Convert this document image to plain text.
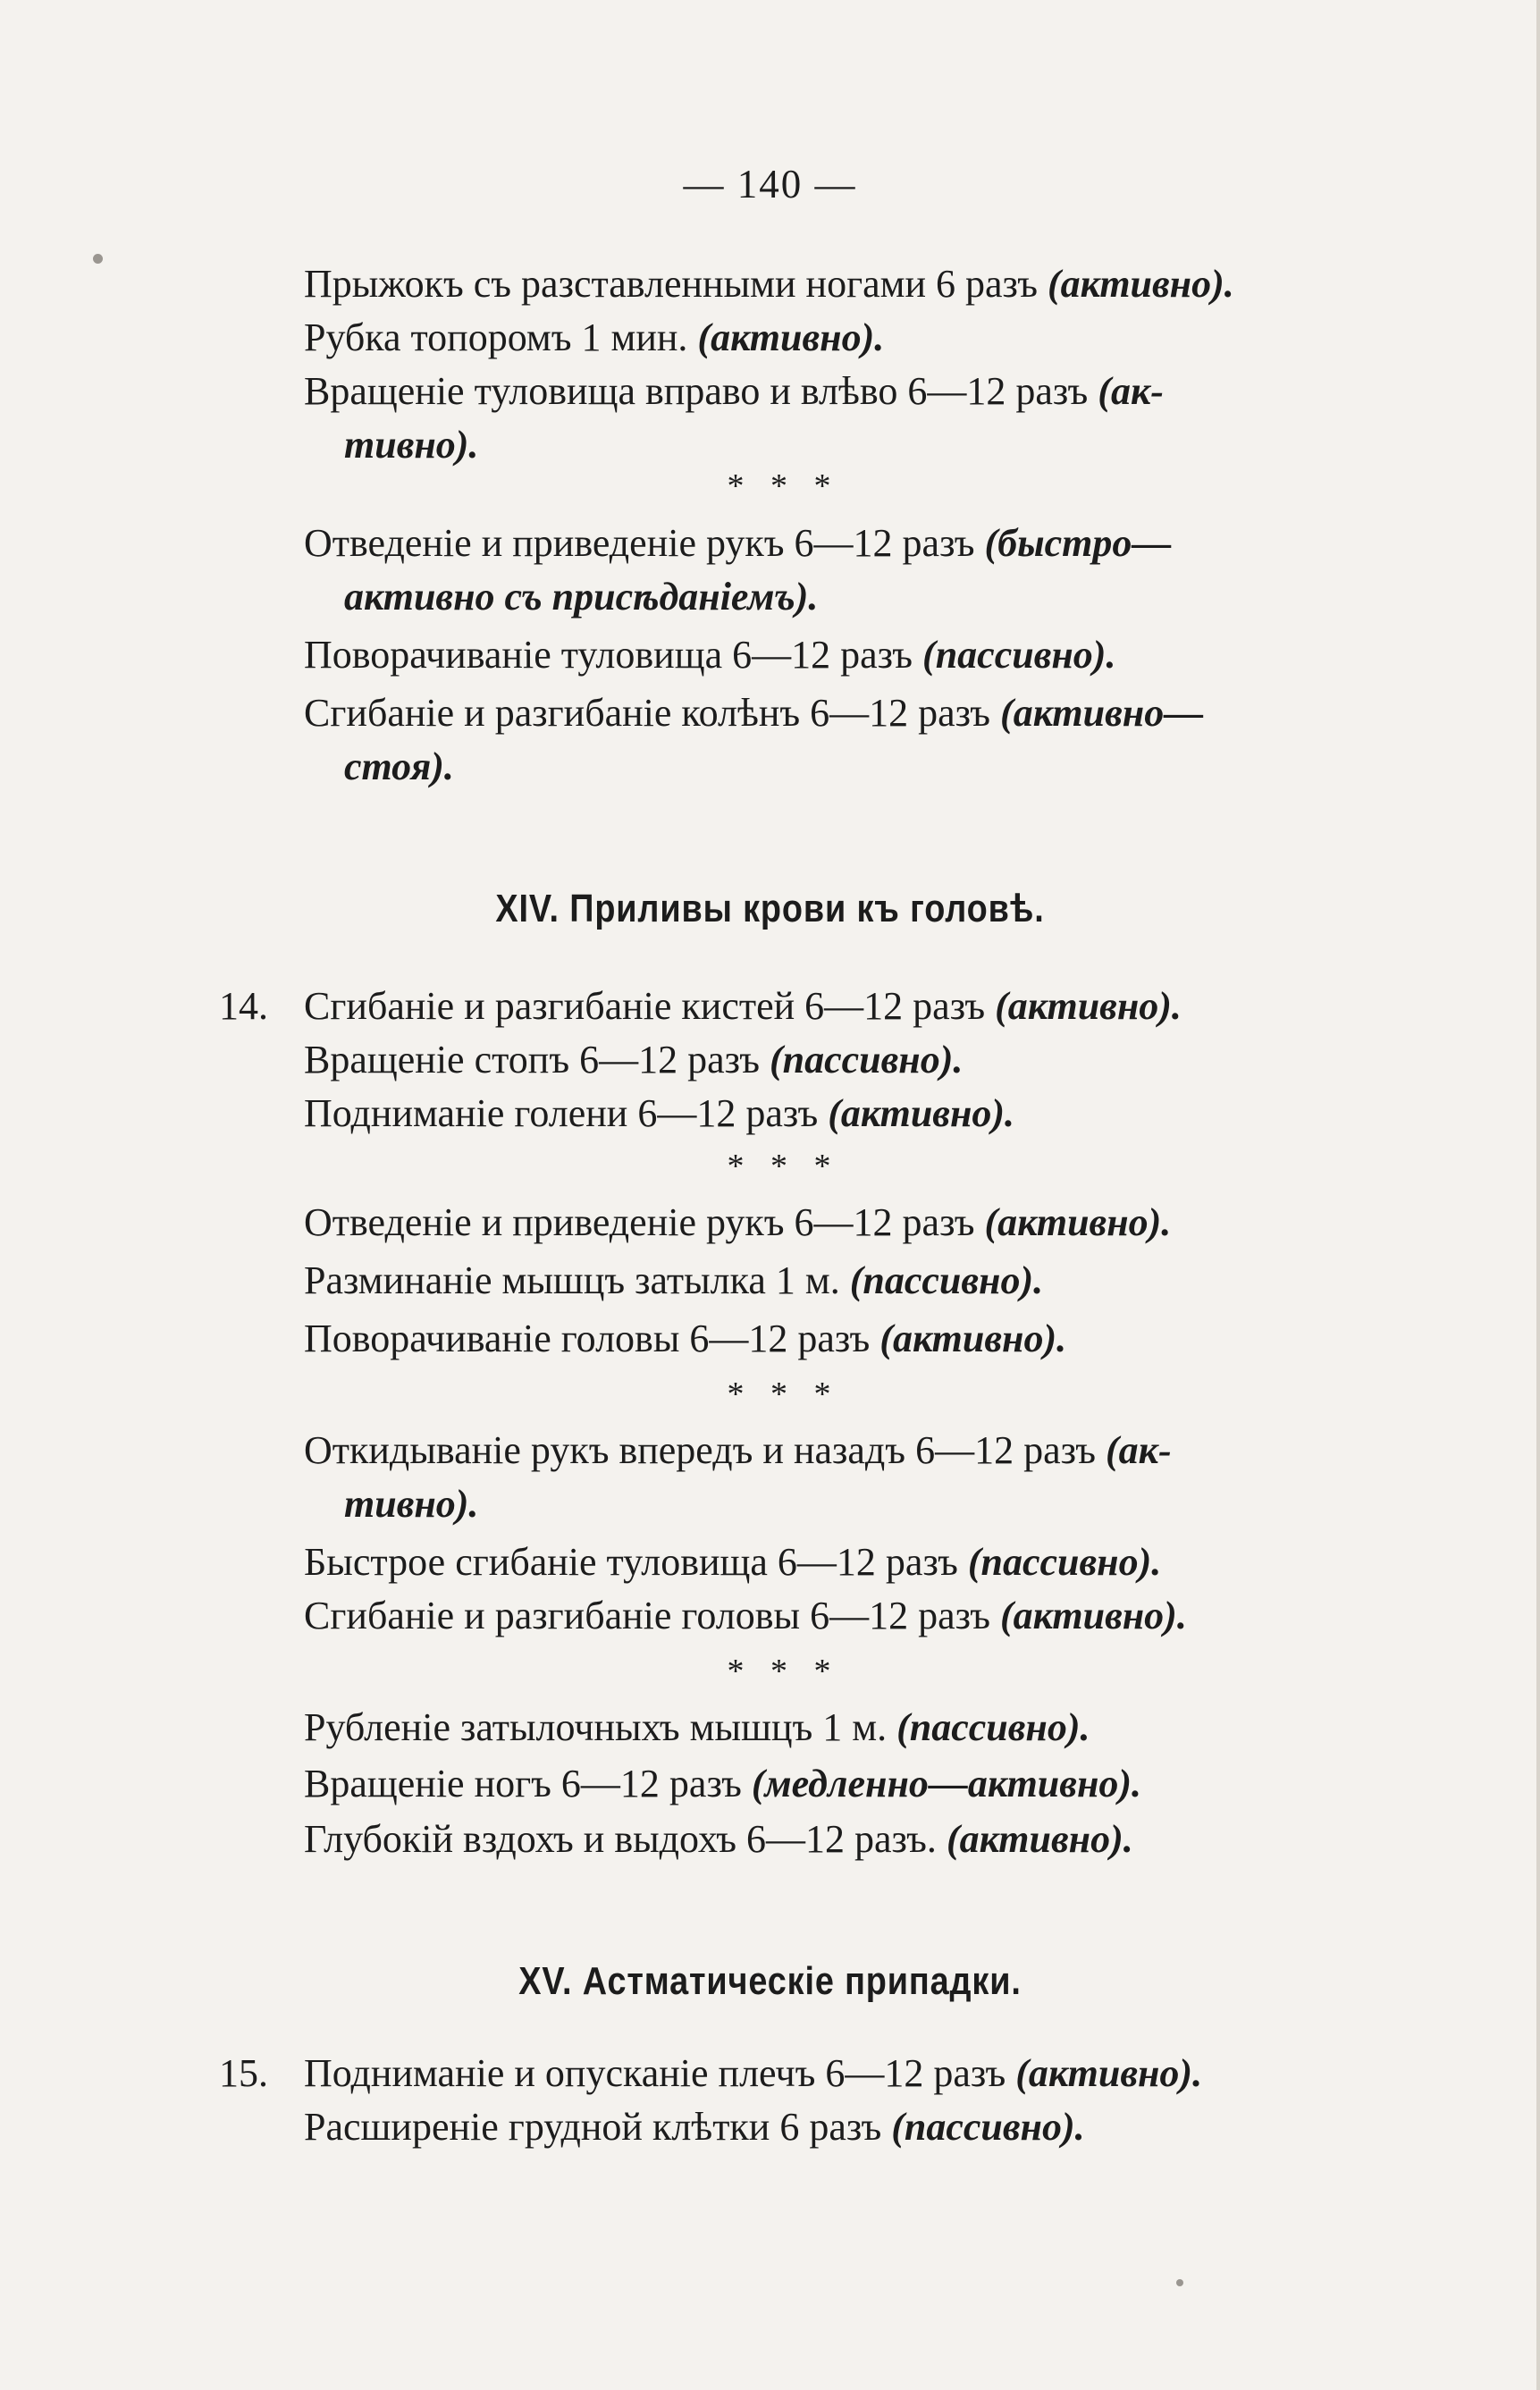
— 140 —
Прыжокъ съ разставленными ногами 6 разъ (активно).
Рубка топоромъ 1 мин. (активно).
Вращенiе туловища вправо и влѣво 6—12 разъ (ак-
тивно).
* * *
Отведенiе и приведенiе рукъ 6—12 разъ (быстро—
активно съ присѣданiемъ).
Поворачиванiе туловища 6—12 разъ (пассивно).
Сгибанiе и разгибанiе колѣнъ 6—12 разъ (активно—
стоя).
XIV. Приливы крови къ головѣ.
14. Сгибанiе и разгибанiе кистей 6—12 разъ (активно).
Вращенiе стопъ 6—12 разъ (пассивно).
Подниманiе голени 6—12 разъ (активно).
* * *
Отведенiе и приведенiе рукъ 6—12 разъ (активно).
Разминанiе мышцъ затылка 1 м. (пассивно).
Поворачиванiе головы 6—12 разъ (активно).
* * *
Откидыванiе рукъ впередъ и назадъ 6—12 разъ (ак-
тивно).
Быстрое сгибанiе туловища 6—12 разъ (пассивно).
Сгибанiе и разгибанiе головы 6—12 разъ (активно).
* * *
Рубленiе затылочныхъ мышцъ 1 м. (пассивно).
Вращенiе ногъ 6—12 разъ (медленно—активно).
Глубокiй вздохъ и выдохъ 6—12 разъ. (активно).
XV. Астматическiе припадки.
15. Подниманiе и опусканiе плечъ 6—12 разъ (активно).
Расширенiе грудной клѣтки 6 разъ (пассивно).
